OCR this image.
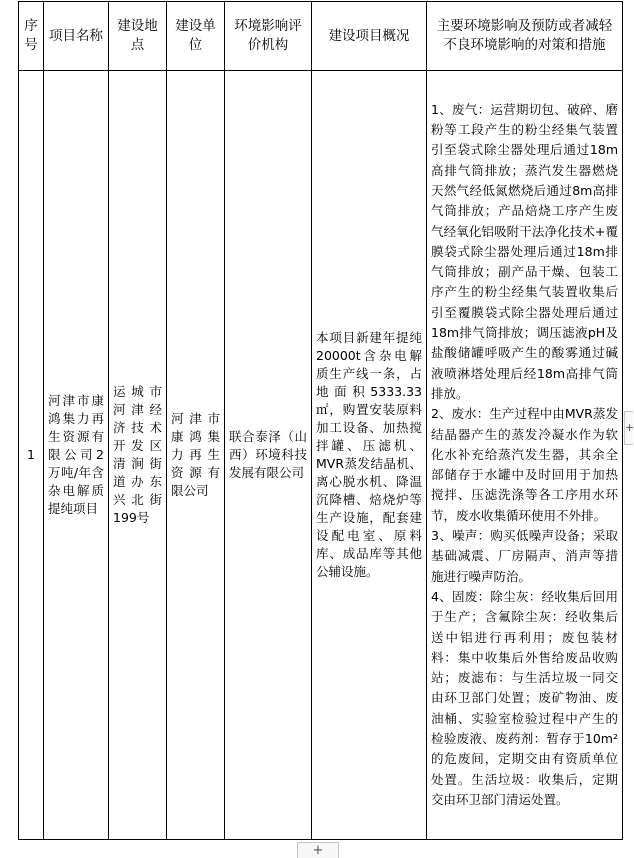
序号	项目名称	建设地点	建设单位	环境影响评价机构	建设项目概况	主要环境影响及预防或者减轻不良环境影响的对策和措施
1	河津市康鸿集力再生资源有限公司2万吨/年含杂电解质提纯项目	运城市河津经济技术开发区清涧街道办东兴北街199号	河津市康鸿集力再生资源有限公司	联合泰泽（山西）环境科技发展有限公司	本项目新建年提纯20000t含杂电解质生产线一条，占地面积5333.33㎡，购置安装原料加工设备、加热搅拌罐、压滤机、MVR蒸发结晶机、离心脱水机、降温沉降槽、焙烧炉等生产设施，配套建设配电室、原料库、成品库等其他公辅设施。	1、废气：运营期切包、破碎、磨粉等工段产生的粉尘经集气装置引至袋式除尘器处理后通过18m高排气筒排放；蒸汽发生器燃烧天然气经低氮燃烧后通过8m高排气筒排放；产品焙烧工序产生废气经氧化铝吸附干法净化技术+覆膜袋式除尘器处理后通过18m排气筒排放；副产品干燥、包装工序产生的粉尘经集气装置收集后引至覆膜袋式除尘器处理后通过18m排气筒排放；调压滤液pH及盐酸储罐呼吸产生的酸雾通过碱液喷淋塔处理后经18m高排气筒排放。
2、废水：生产过程中由MVR蒸发结晶器产生的蒸发冷凝水作为软化水补充给蒸汽发生器，其余全部储存于水罐中及时回用于加热搅拌、压滤洗涤等各工序用水环节，废水收集循环使用不外排。
3、噪声：购买低噪声设备；采取基础减震、厂房隔声、消声等措施进行噪声防治。
4、固废：除尘灰：经收集后回用于生产；含氟除尘灰：经收集后送中铝进行再利用；废包装材料：集中收集后外售给废品收购站；废滤布：与生活垃圾一同交由环卫部门处置；废矿物油、废油桶、实验室检验过程中产生的检验废液、废药剂：暂存于10m²的危废间，定期交由有资质单位处置。生活垃圾：收集后，定期交由环卫部门清运处置。
+
+
